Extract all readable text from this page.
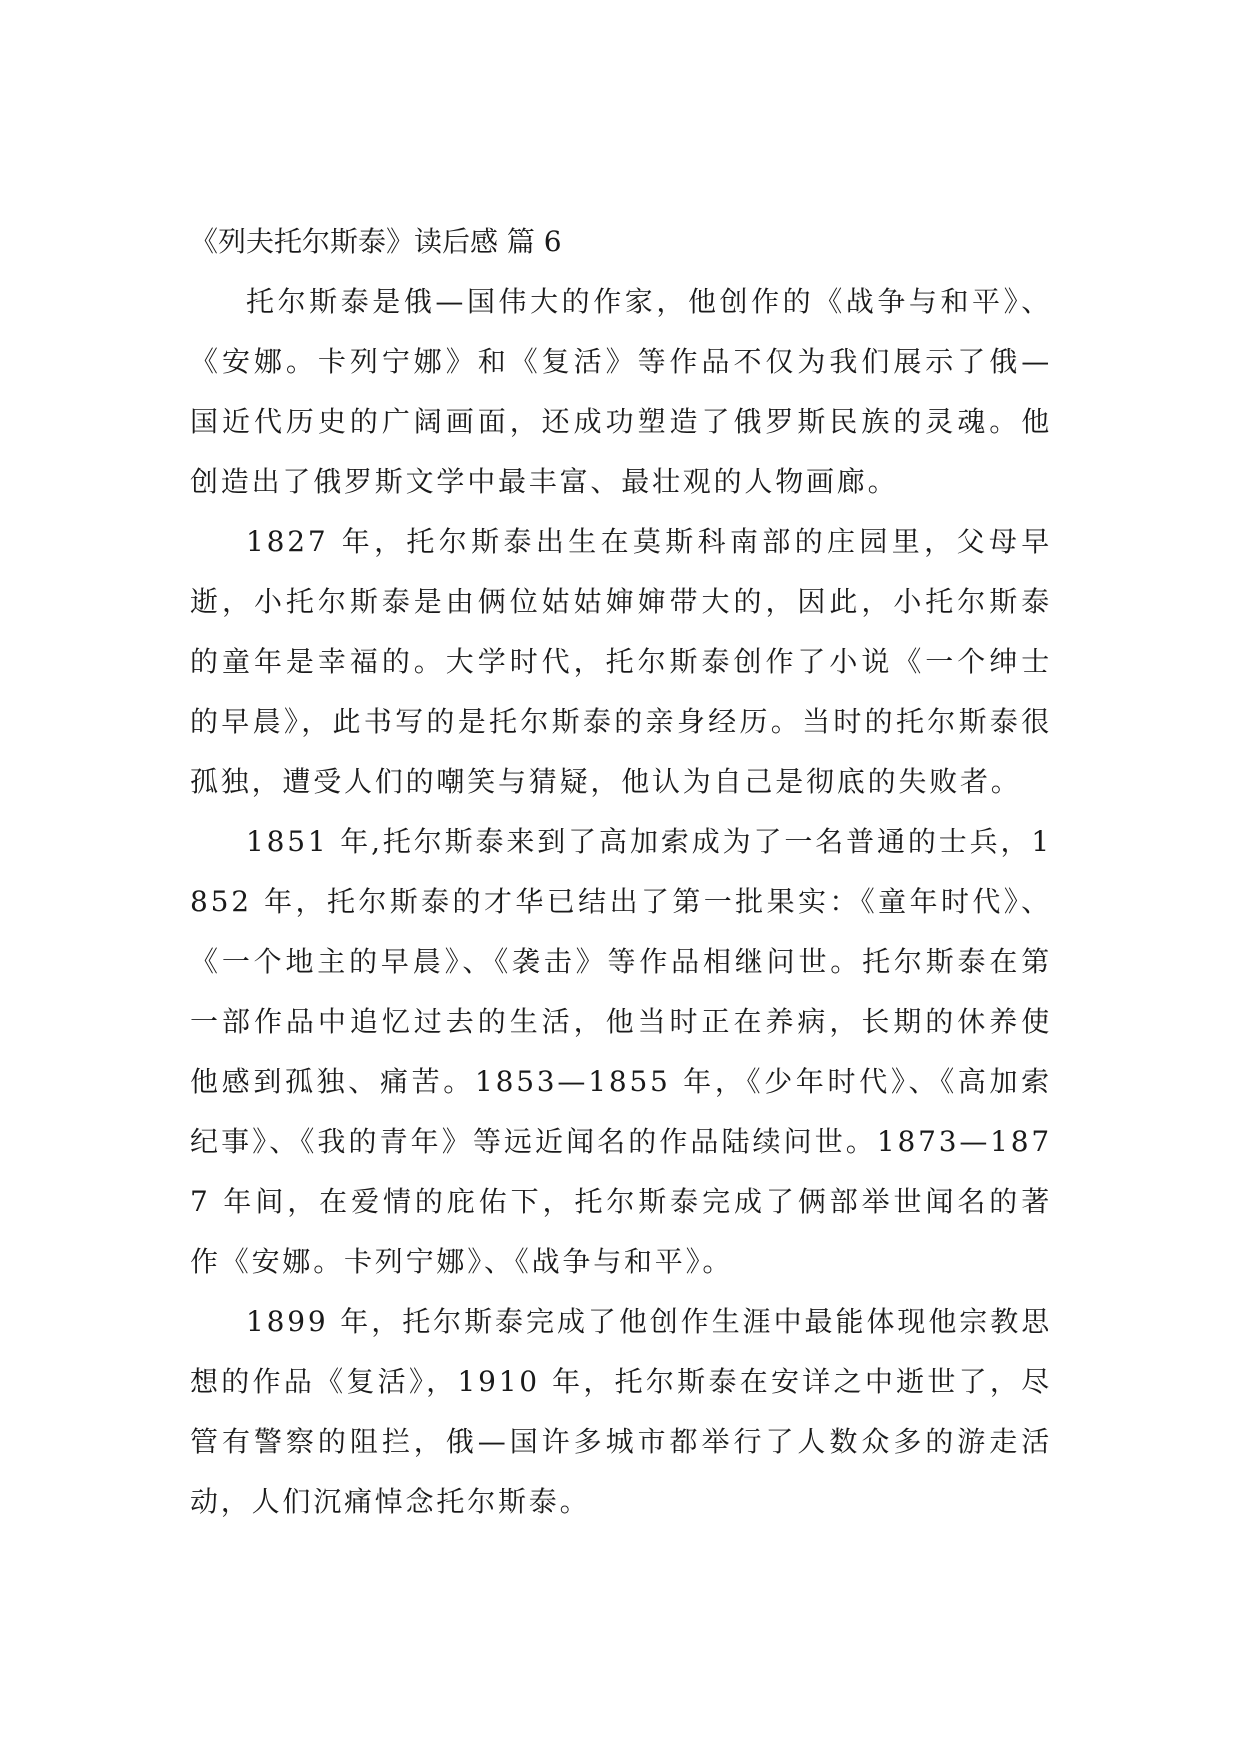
《列夫托尔斯泰》读后感 篇 6

托尔斯泰是俄—国伟大的作家，他创作的《战争与和平》、《安娜。卡列宁娜》和《复活》等作品不仅为我们展示了俄—国近代历史的广阔画面，还成功塑造了俄罗斯民族的灵魂。他创造出了俄罗斯文学中最丰富、最壮观的人物画廊。

1827 年，托尔斯泰出生在莫斯科南部的庄园里，父母早逝，小托尔斯泰是由俩位姑姑婶婶带大的，因此，小托尔斯泰的童年是幸福的。大学时代，托尔斯泰创作了小说《一个绅士的早晨》，此书写的是托尔斯泰的亲身经历。当时的托尔斯泰很孤独，遭受人们的嘲笑与猜疑，他认为自己是彻底的失败者。

1851 年,托尔斯泰来到了高加索成为了一名普通的士兵，1852 年，托尔斯泰的才华已结出了第一批果实：《童年时代》、《一个地主的早晨》、《袭击》等作品相继问世。托尔斯泰在第一部作品中追忆过去的生活，他当时正在养病，长期的休养使他感到孤独、痛苦。1853—1855 年，《少年时代》、《高加索纪事》、《我的青年》等远近闻名的作品陆续问世。1873—1877 年间，在爱情的庇佑下，托尔斯泰完成了俩部举世闻名的著作《安娜。卡列宁娜》、《战争与和平》。

1899 年，托尔斯泰完成了他创作生涯中最能体现他宗教思想的作品《复活》，1910 年，托尔斯泰在安详之中逝世了，尽管有警察的阻拦，俄—国许多城市都举行了人数众多的游走活动，人们沉痛悼念托尔斯泰。
